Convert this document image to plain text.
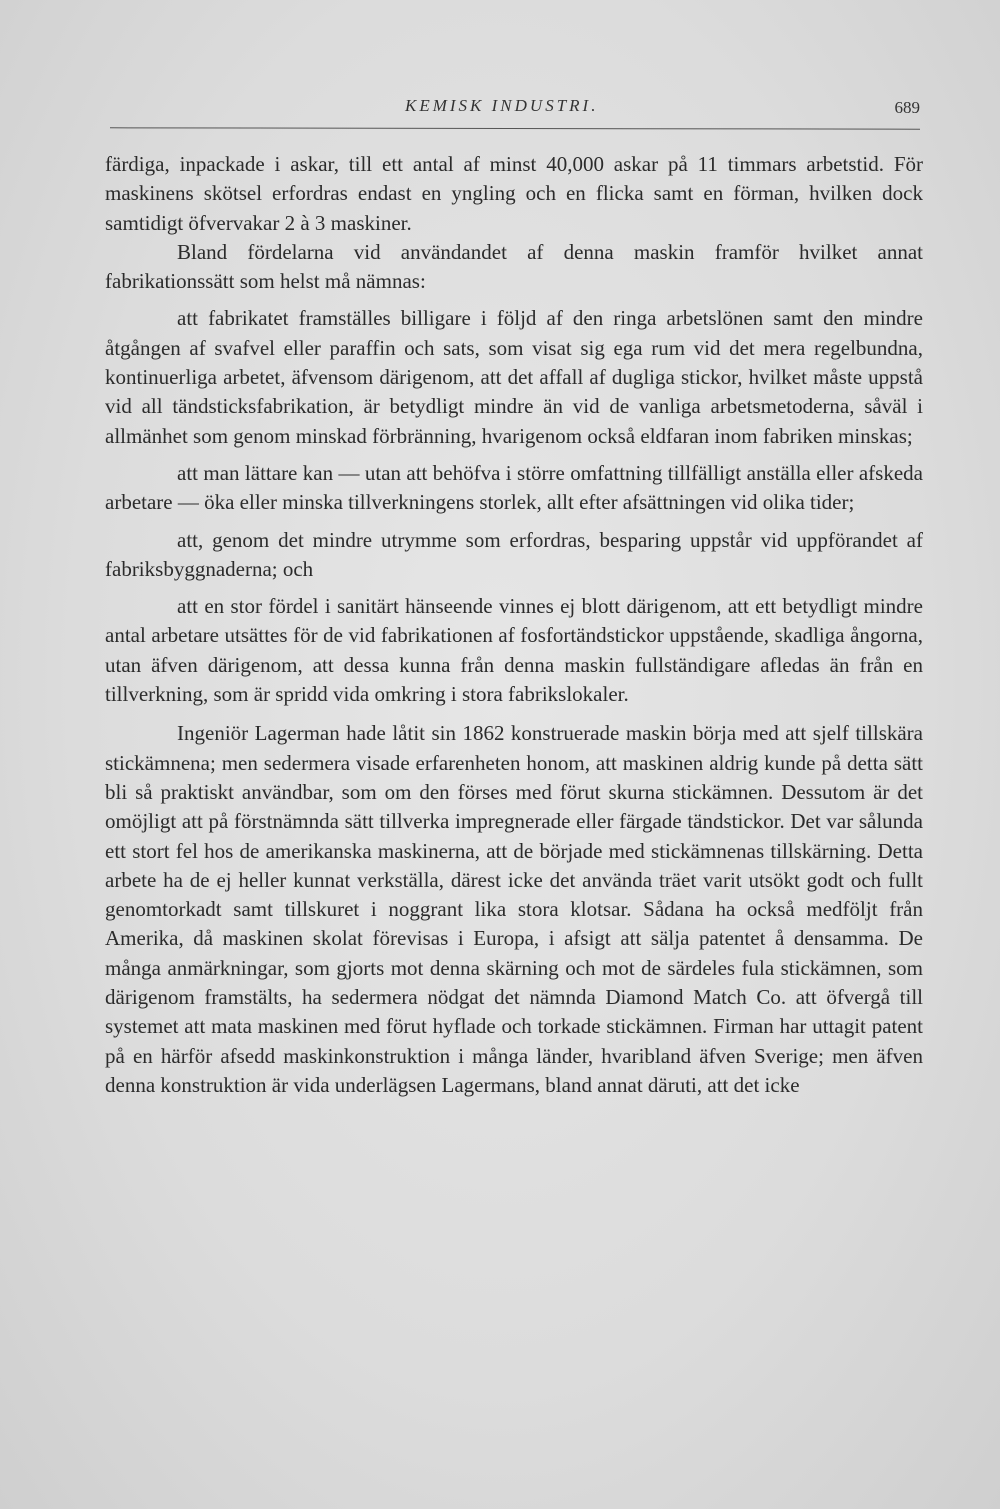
KEMISK INDUSTRI.	689

färdiga, inpackade i askar, till ett antal af minst 40,000 askar på 11 timmars arbetstid. För maskinens skötsel erfordras endast en yngling och en flicka samt en förman, hvilken dock samtidigt öfvervakar 2 à 3 maskiner.

Bland fördelarna vid användandet af denna maskin framför hvilket annat fabrikationssätt som helst må nämnas:

att fabrikatet framställes billigare i följd af den ringa arbetslönen samt den mindre åtgången af svafvel eller paraffin och sats, som visat sig ega rum vid det mera regelbundna, kontinuerliga arbetet, äfvensom därigenom, att det affall af dugliga stickor, hvilket måste uppstå vid all tändsticksfabrikation, är betydligt mindre än vid de vanliga arbetsmetoderna, såväl i allmänhet som genom minskad förbränning, hvarigenom också eldfaran inom fabriken minskas;

att man lättare kan — utan att behöfva i större omfattning tillfälligt anställa eller afskeda arbetare — öka eller minska tillverkningens storlek, allt efter afsättningen vid olika tider;

att, genom det mindre utrymme som erfordras, besparing uppstår vid uppförandet af fabriksbyggnaderna; och

att en stor fördel i sanitärt hänseende vinnes ej blott därigenom, att ett betydligt mindre antal arbetare utsättes för de vid fabrikationen af fosfortändstickor uppstående, skadliga ångorna, utan äfven därigenom, att dessa kunna från denna maskin fullständigare afledas än från en tillverkning, som är spridd vida omkring i stora fabrikslokaler.

Ingeniör Lagerman hade låtit sin 1862 konstruerade maskin börja med att sjelf tillskära stickämnena; men sedermera visade erfarenheten honom, att maskinen aldrig kunde på detta sätt bli så praktiskt användbar, som om den förses med förut skurna stickämnen. Dessutom är det omöjligt att på förstnämnda sätt tillverka impregnerade eller färgade tändstickor. Det var sålunda ett stort fel hos de amerikanska maskinerna, att de började med stickämnenas tillskärning. Detta arbete ha de ej heller kunnat verkställa, därest icke det använda träet varit utsökt godt och fullt genomtorkadt samt tillskuret i noggrant lika stora klotsar. Sådana ha också medföljt från Amerika, då maskinen skolat förevisas i Europa, i afsigt att sälja patentet å densamma. De många anmärkningar, som gjorts mot denna skärning och mot de särdeles fula stickämnen, som därigenom framstälts, ha sedermera nödgat det nämnda Diamond Match Co. att öfvergå till systemet att mata maskinen med förut hyflade och torkade stickämnen. Firman har uttagit patent på en härför afsedd maskinkonstruktion i många länder, hvaribland äfven Sverige; men äfven denna konstruktion är vida underlägsen Lagermans, bland annat däruti, att det icke
